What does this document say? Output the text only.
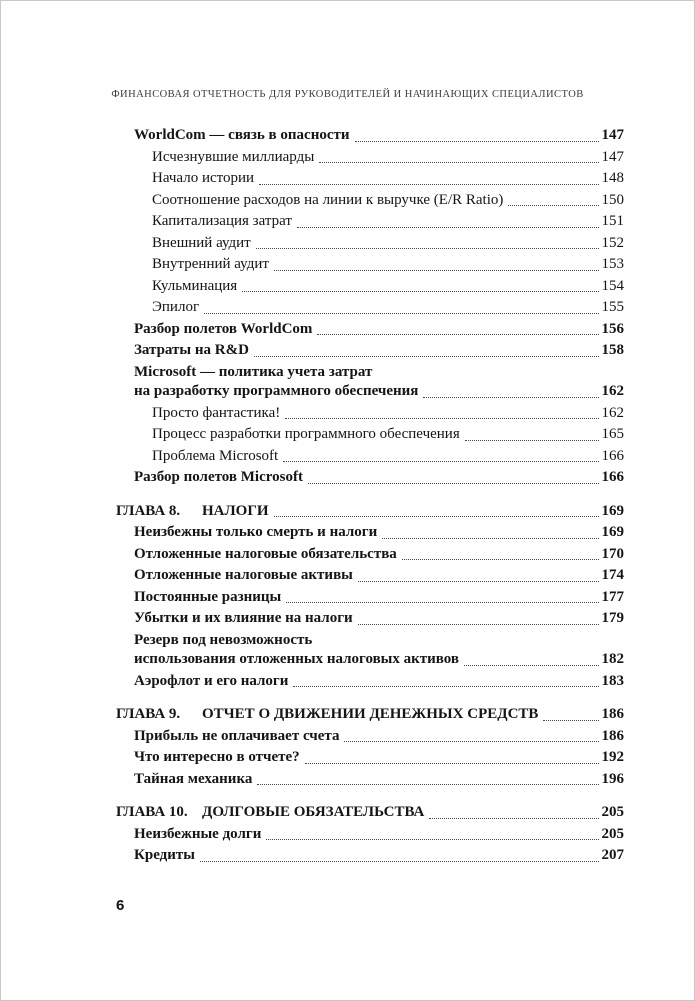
ФИНАНСОВАЯ ОТЧЕТНОСТЬ ДЛЯ РУКОВОДИТЕЛЕЙ И НАЧИНАЮЩИХ СПЕЦИАЛИСТОВ
WorldCom — связь в опасности	147
Исчезнувшие миллиарды	147
Начало истории	148
Соотношение расходов на линии к выручке (E/R Ratio)	150
Капитализация затрат	151
Внешний аудит	152
Внутренний аудит	153
Кульминация	154
Эпилог	155
Разбор полетов WorldCom	156
Затраты на R&D	158
Microsoft — политика учета затрат
на разработку программного обеспечения	162
Просто фантастика!	162
Процесс разработки программного обеспечения	165
Проблема Microsoft	166
Разбор полетов Microsoft	166
ГЛАВА 8.	НАЛОГИ	169
Неизбежны только смерть и налоги	169
Отложенные налоговые обязательства	170
Отложенные налоговые активы	174
Постоянные разницы	177
Убытки и их влияние на налоги	179
Резерв под невозможность
использования отложенных налоговых активов	182
Аэрофлот и его налоги	183
ГЛАВА 9.	ОТЧЕТ О ДВИЖЕНИИ ДЕНЕЖНЫХ СРЕДСТВ	186
Прибыль не оплачивает счета	186
Что интересно в отчете?	192
Тайная механика	196
ГЛАВА 10. ДОЛГОВЫЕ ОБЯЗАТЕЛЬСТВА	205
Неизбежные долги	205
Кредиты	207
6
